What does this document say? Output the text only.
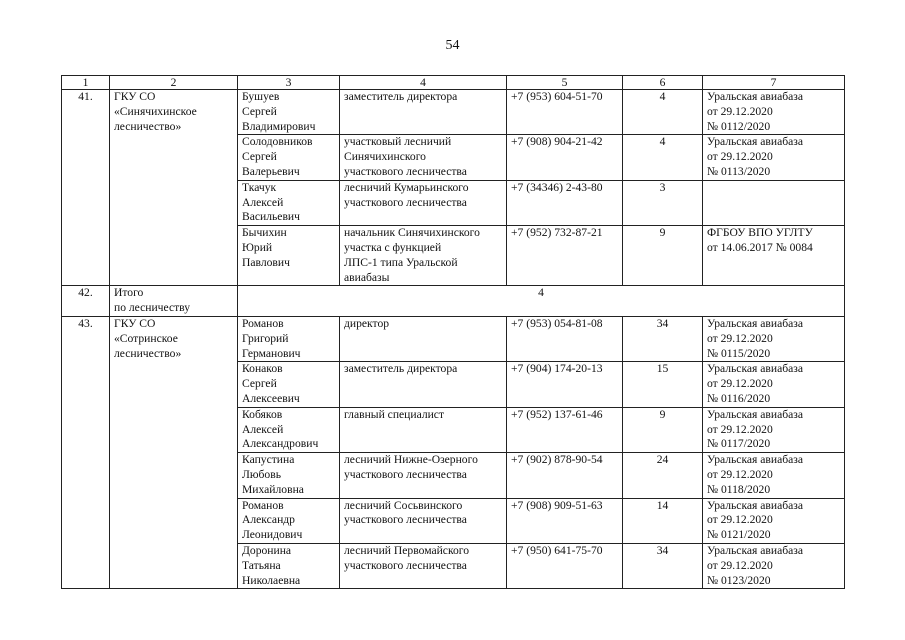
54
1	2	3	4	5	6	7
41.	ГКУ СО
«Синячихинское
лесничество»	Бушуев
Сергей
Владимирович	заместитель директора	+7 (953) 604-51-70	4	Уральская авиабаза
от 29.12.2020
№ 0112/2020

		Солодовников
Сергей
Валерьевич	участковый лесничий
Синячихинского
участкового лесничества	+7 (908) 904-21-42	4	Уральская авиабаза
от 29.12.2020
№ 0113/2020

		Ткачук
Алексей
Васильевич	лесничий Кумарьинского
участкового лесничества	+7 (34346) 2-43-80	3	

		Бычихин
Юрий
Павлович	начальник Синячихинского
участка с функцией
ЛПС-1 типа Уральской
авиабазы	+7 (952) 732-87-21	9	ФГБОУ ВПО УГЛТУ
от 14.06.2017 № 0084

42.	Итого
по лесничеству	4				
43.	ГКУ СО
«Сотринское
лесничество»	Романов
Григорий
Германович	директор	+7 (953) 054-81-08	34	Уральская авиабаза
от 29.12.2020
№ 0115/2020

		Конаков
Сергей
Алексеевич	заместитель директора	+7 (904) 174-20-13	15	Уральская авиабаза
от 29.12.2020
№ 0116/2020

		Кобяков
Алексей
Александрович	главный специалист	+7 (952) 137-61-46	9	Уральская авиабаза
от 29.12.2020
№ 0117/2020

		Капустина
Любовь
Михайловна	лесничий Нижне-Озерного
участкового лесничества	+7 (902) 878-90-54	24	Уральская авиабаза
от 29.12.2020
№ 0118/2020

		Романов
Александр
Леонидович	лесничий Сосьвинского
участкового лесничества	+7 (908) 909-51-63	14	Уральская авиабаза
от 29.12.2020
№ 0121/2020

		Доронина
Татьяна
Николаевна	лесничий Первомайского
участкового лесничества	+7 (950) 641-75-70	34	Уральская авиабаза
от 29.12.2020
№ 0123/2020
